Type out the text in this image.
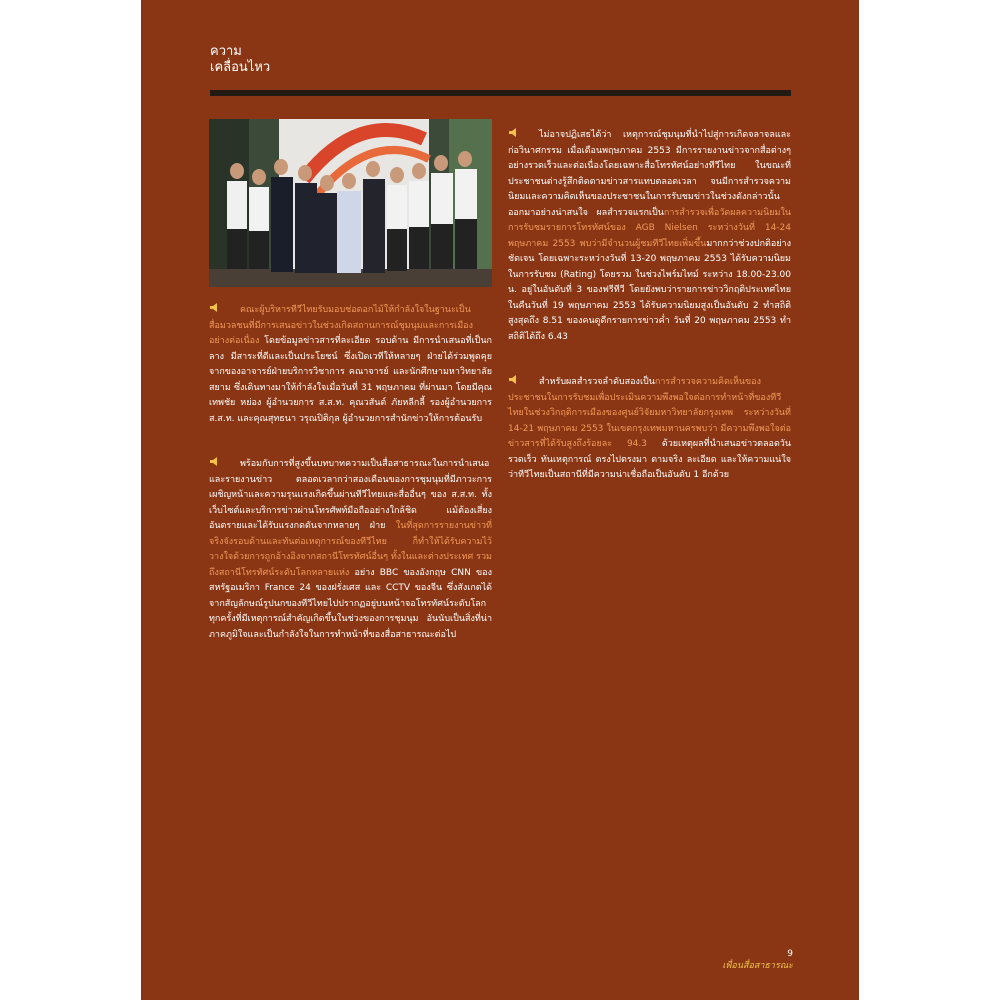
ความ
เคลื่อนไหว

คณะผู้บริหารทีวีไทยรับมอบช่อดอกไม้ให้กำลังใจในฐานะเป็นสื่อมวลชนที่มีการเสนอข่าวในช่วงเกิดสถานการณ์ชุมนุมและการเมืองอย่างต่อเนื่อง โดยข้อมูลข่าวสารที่ละเอียด รอบด้าน มีการนำเสนอที่เป็นกลาง มีสาระที่ดีและเป็นประโยชน์ ซึ่งเปิดเวทีให้หลายๆ ฝ่ายได้ร่วมพูดคุย จากของอาจารย์ฝ่ายบริการวิชาการ คณาจารย์ และนักศึกษามหาวิทยาลัยสยาม ซึ่งเดินทางมาให้กำลังใจเมื่อวันที่ 31 พฤษภาคม ที่ผ่านมา โดยมีคุณเทพชัย หย่อง ผู้อำนวยการ ส.ส.ท. คุณวสันต์ ภัยหลีกลี้ รองผู้อำนวยการ ส.ส.ท. และคุณสุทธนา วรุณปิติกุล ผู้อำนวยการสำนักข่าวให้การต้อนรับ

พร้อมกับการที่สูงขึ้นบทบาทความเป็นสื่อสาธารณะในการนำเสนอและรายงานข่าว ตลอดเวลากว่าสองเดือนของการชุมนุมที่มีภาวะการเผชิญหน้าและความรุนแรงเกิดขึ้นผ่านทีวีไทยและสื่ออื่นๆ ของ ส.ส.ท. ทั้งเว็บไซต์และบริการข่าวผ่านโทรศัพท์มือถืออย่างใกล้ชิด แม้ต้องเสี่ยงอันตรายและได้รับแรงกดดันจากหลายๆ ฝ่าย ในที่สุดการรายงานข่าวที่จริงจังรอบด้านและทันต่อเหตุการณ์ของทีวีไทย ก็ทำให้ได้รับความไว้วางใจด้วยการถูกอ้างอิงจากสถานีโทรทัศน์อื่นๆ ทั้งในและต่างประเทศ รวมถึงสถานีโทรทัศน์ระดับโลกหลายแห่ง อย่าง BBC ของอังกฤษ CNN ของสหรัฐอเมริกา France 24 ของฝรั่งเศส และ CCTV ของจีน ซึ่งสังเกตได้จากสัญลักษณ์รูปนกของทีวีไทยไปปรากฏอยู่บนหน้าจอโทรทัศน์ระดับโลกทุกครั้งที่มีเหตุการณ์สำคัญเกิดขึ้นในช่วงของการชุมนุม อันนับเป็นสิ่งที่น่าภาคภูมิใจและเป็นกำลังใจในการทำหน้าที่ของสื่อสาธารณะต่อไป

ไม่อาจปฏิเสธได้ว่า เหตุการณ์ชุมนุมที่นำไปสู่การเกิดจลาจลและก่อวินาศกรรม เมื่อเดือนพฤษภาคม 2553 มีการรายงานข่าวจากสื่อต่างๆ อย่างรวดเร็วและต่อเนื่องโดยเฉพาะสื่อโทรทัศน์อย่างทีวีไทย ในขณะที่ประชาชนต่างรู้สึกติดตามข่าวสารแทบตลอดเวลา จนมีการสำรวจความนิยมและความคิดเห็นของประชาชนในการรับชมข่าวในช่วงดังกล่าวนั้นออกมาอย่างน่าสนใจ ผลสำรวจแรกเป็นการสำรวจเพื่อวัดผลความนิยมในการรับชมรายการโทรทัศน์ของ AGB Nielsen ระหว่างวันที่ 14-24 พฤษภาคม 2553 พบว่ามีจำนวนผู้ชมทีวีไทยเพิ่มขึ้นมากกว่าช่วงปกติอย่างชัดเจน โดยเฉพาะระหว่างวันที่ 13-20 พฤษภาคม 2553 ได้รับความนิยมในการรับชม (Rating) โดยรวม ในช่วงไพร์มไทม์ ระหว่าง 18.00-23.00 น. อยู่ในอันดับที่ 3 ของฟรีทีวี โดยยังพบว่ารายการข่าววิกฤติประเทศไทย ในคืนวันที่ 19 พฤษภาคม 2553 ได้รับความนิยมสูงเป็นอันดับ 2 ทำสถิติสูงสุดถึง 8.51 ของคนดูดีกรายการข่าวค่ำ วันที่ 20 พฤษภาคม 2553 ทำสถิติได้ถึง 6.43

สำหรับผลสำรวจลำดับสองเป็นการสำรวจความคิดเห็นของประชาชนในการรับชมเพื่อประเมินความพึงพอใจต่อการทำหน้าที่ของทีวีไทยในช่วงวิกฤติการเมืองของศูนย์วิจัยมหาวิทยาลัยกรุงเทพ ระหว่างวันที่ 14-21 พฤษภาคม 2553 ในเขตกรุงเทพมหานครพบว่า มีความพึงพอใจต่อข่าวสารที่ได้รับสูงถึงร้อยละ 94.3 ด้วยเหตุผลที่นำเสนอข่าวตลอดวัน รวดเร็ว ทันเหตุการณ์ ตรงไปตรงมา ตามจริง ละเอียด และให้ความแน่ใจว่าทีวีไทยเป็นสถานีที่มีความน่าเชื่อถือเป็นอันดับ 1 อีกด้วย

9
เพื่อนสื่อสาธารณะ
